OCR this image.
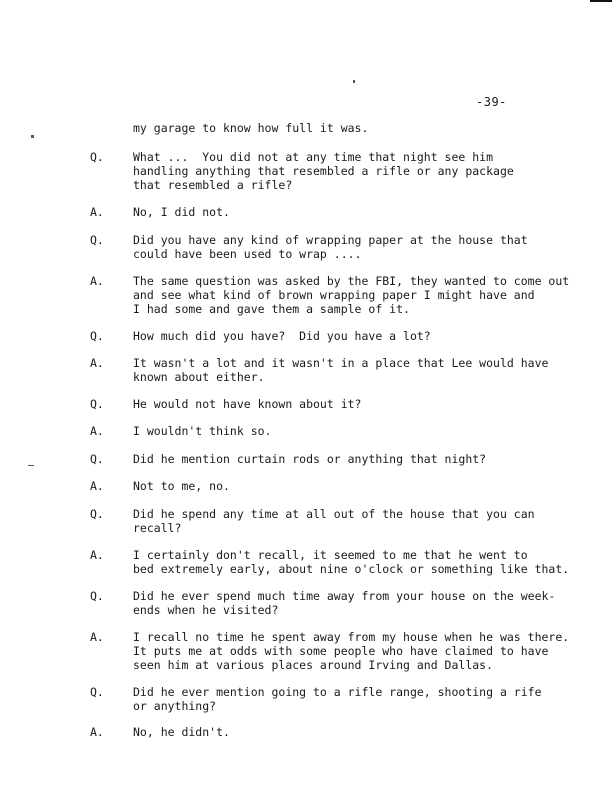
-39-
my garage to know how full it was.
Q.	What ...  You did not at any time that night see him
handling anything that resembled a rifle or any package
that resembled a rifle?
A.	No, I did not.
Q.	Did you have any kind of wrapping paper at the house that
could have been used to wrap ....
A.	The same question was asked by the FBI, they wanted to come out
and see what kind of brown wrapping paper I might have and
I had some and gave them a sample of it.
Q.	How much did you have?  Did you have a lot?
A.	It wasn't a lot and it wasn't in a place that Lee would have
known about either.
Q.	He would not have known about it?
A.	I wouldn't think so.
Q.	Did he mention curtain rods or anything that night?
A.	Not to me, no.
Q.	Did he spend any time at all out of the house that you can
recall?
A.	I certainly don't recall, it seemed to me that he went to
bed extremely early, about nine o'clock or something like that.
Q.	Did he ever spend much time away from your house on the week-
ends when he visited?
A.	I recall no time he spent away from my house when he was there.
It puts me at odds with some people who have claimed to have
seen him at various places around Irving and Dallas.
Q.	Did he ever mention going to a rifle range, shooting a rife
or anything?
A.	No, he didn't.
